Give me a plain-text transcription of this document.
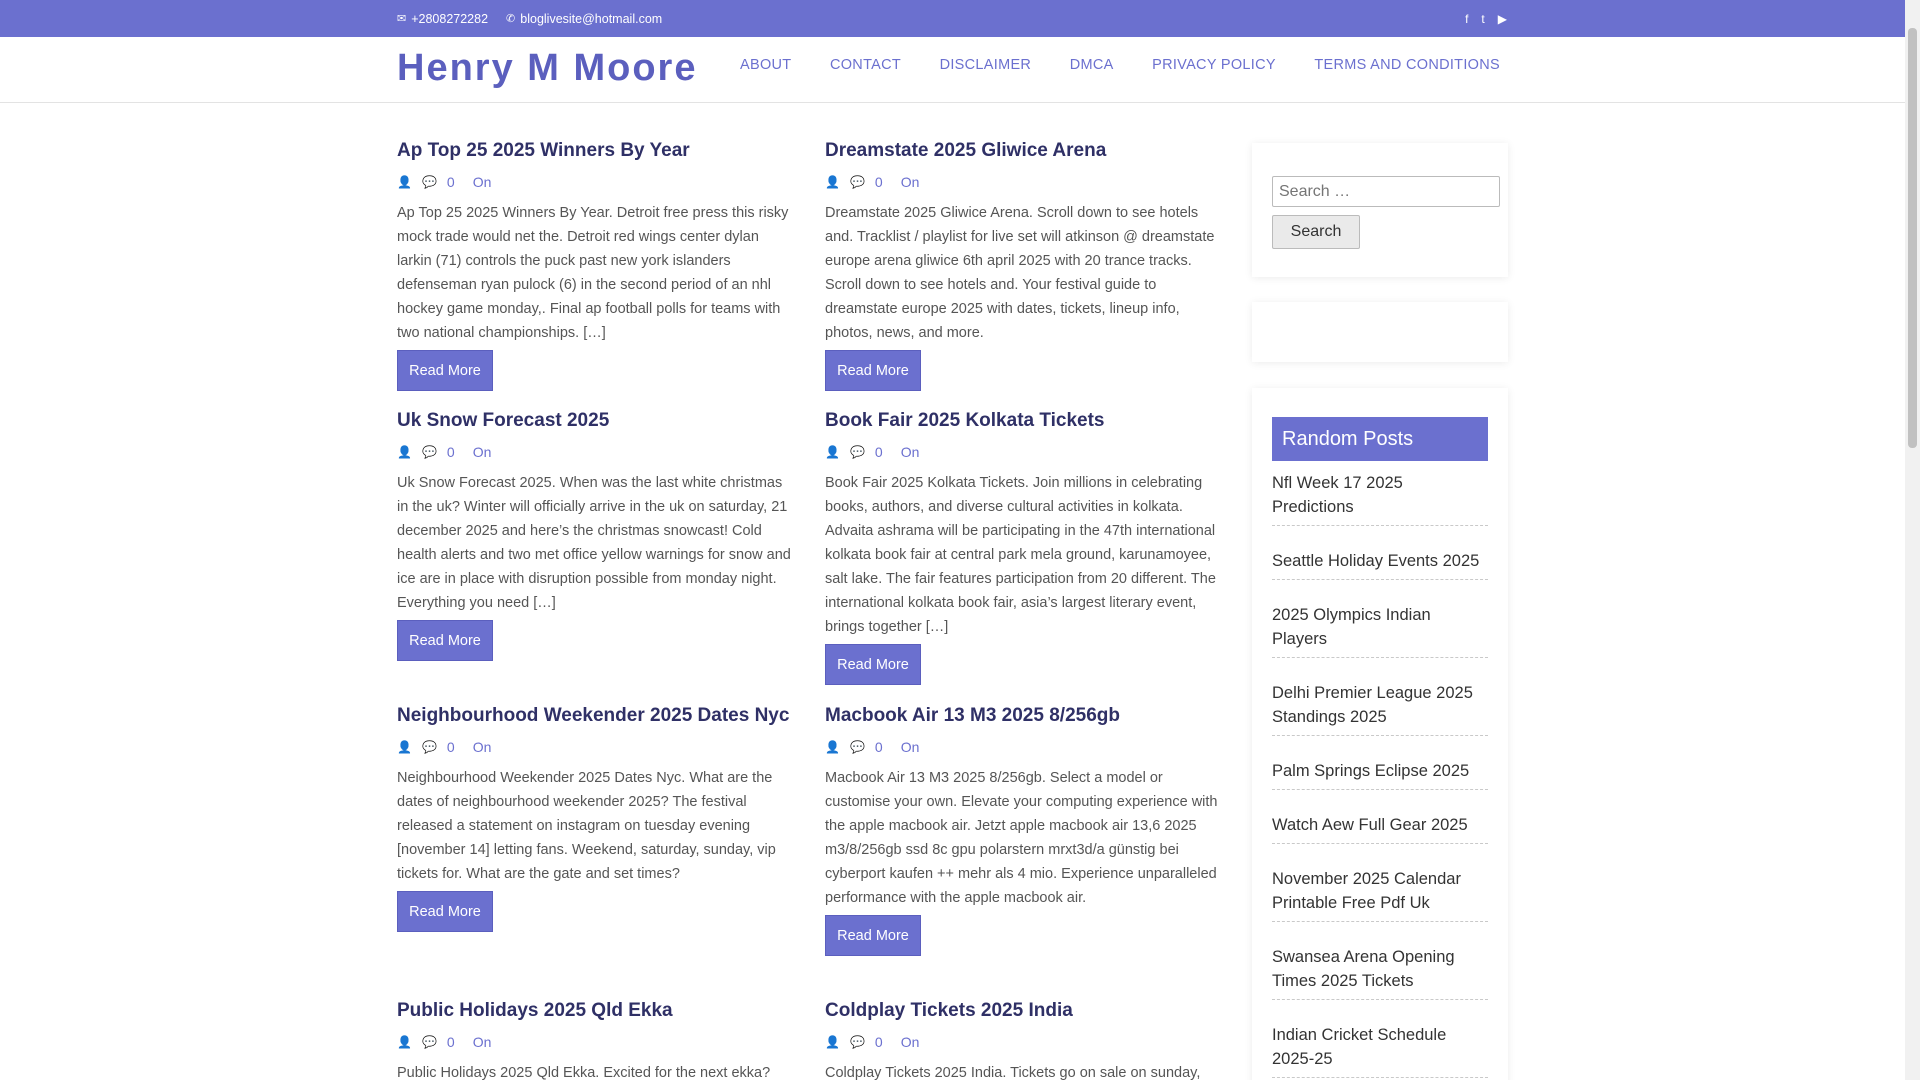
✉ +2808272282 ✆ bloglivesite@hotmail.com	f t ▶
Henry M Moore	ABOUT	CONTACT	DISCLAIMER	DMCA	PRIVACY POLICY	TERMS AND CONDITIONS
Ap Top 25 2025 Winners By Year
👤 💬 0 On

Ap Top 25 2025 Winners By Year. Detroit free press this risky mock trade would net the. Detroit red wings center dylan larkin (71) controls the puck past new york islanders defenseman ryan pulock (6) in the second period of an nhl hockey game monday,. Final ap football polls for teams with two national championships. […]

Read More
Dreamstate 2025 Gliwice Arena
👤 💬 0 On

Dreamstate 2025 Gliwice Arena. Scroll down to see hotels and. Tracklist / playlist for live set will atkinson @ dreamstate europe arena gliwice 6th april 2025 with 20 trance tracks. Scroll down to see hotels and. Your festival guide to dreamstate europe 2025 with dates, tickets, lineup info, photos, news, and more.

Read More
Uk Snow Forecast 2025
👤 💬 0 On

Uk Snow Forecast 2025. When was the last white christmas in the uk? Winter will officially arrive in the uk on saturday, 21 december 2025 and here’s the christmas snowcast! Cold health alerts and two met office yellow warnings for snow and ice are in place with disruption possible from monday night. Everything you need […]

Read More
Book Fair 2025 Kolkata Tickets
👤 💬 0 On

Book Fair 2025 Kolkata Tickets. Join millions in celebrating books, authors, and diverse cultural activities in kolkata. Advaita ashrama will be participating in the 47th international kolkata book fair at central park mela ground, karunamoyee, salt lake. The fair features participation from 20 different. The international kolkata book fair, asia’s largest literary event, brings together […]

Read More
Neighbourhood Weekender 2025 Dates Nyc
👤 💬 0 On

Neighbourhood Weekender 2025 Dates Nyc. What are the dates of neighbourhood weekender 2025? The festival released a statement on instagram on tuesday evening [november 14] letting fans. Weekend, saturday, sunday, vip tickets for. What are the gate and set times?

Read More
Macbook Air 13 M3 2025 8/256gb
👤 💬 0 On

Macbook Air 13 M3 2025 8/256gb. Select a model or customise your own. Elevate your computing experience with the apple macbook air. Jetzt apple macbook air 13,6 2025 m3/8/256gb ssd 8c gpu polarstern mrxt3d/a günstig bei cyberport kaufen ++ mehr als 4 mio. Experience unparalleled performance with the apple macbook air.

Read More
Public Holidays 2025 Qld Ekka
👤 💬 0 On

Public Holidays 2025 Qld Ekka. Excited for the next ekka?

Coldplay Tickets 2025 India
👤 💬 0 On

Coldplay Tickets 2025 India. Tickets go on sale on sunday,

Search …
Search
Random Posts
Nfl Week 17 2025 Predictions
Seattle Holiday Events 2025
2025 Olympics Indian Players
Delhi Premier League 2025 Standings 2025
Palm Springs Eclipse 2025
Watch Aew Full Gear 2025
November 2025 Calendar Printable Free Pdf Uk
Swansea Arena Opening Times 2025 Tickets
Indian Cricket Schedule 2025-25
